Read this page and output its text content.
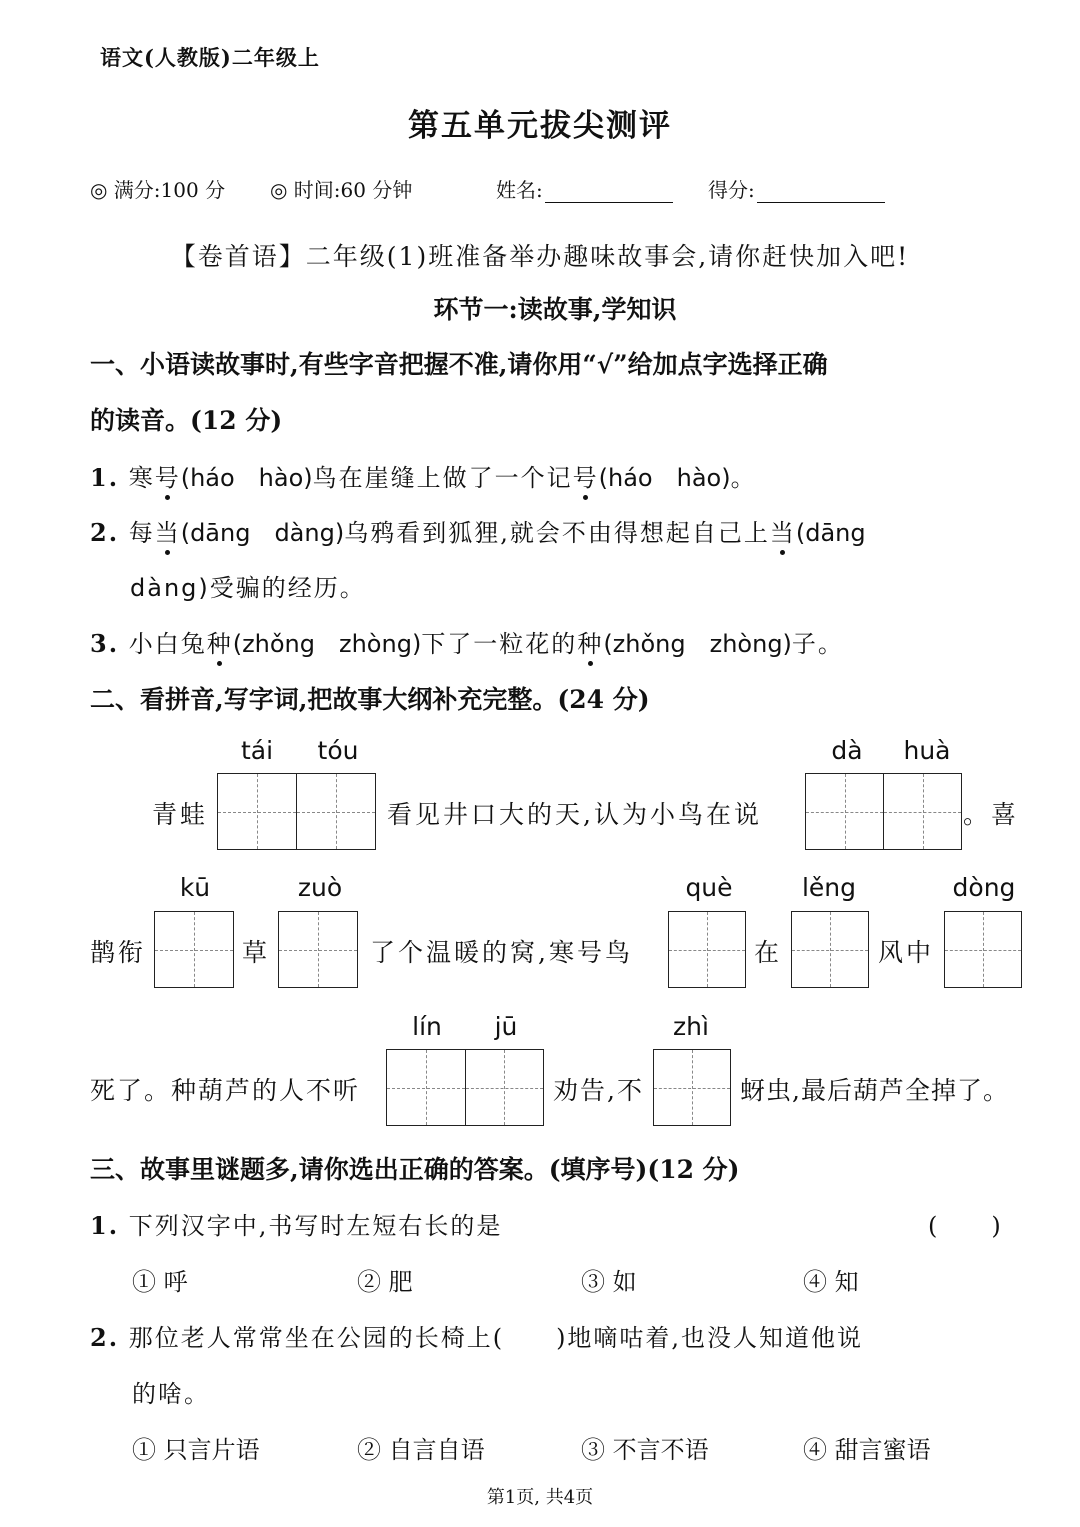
语文(人教版)二年级上
第五单元拔尖测评
◎ 满分:100 分 ◎ 时间:60 分钟	姓名:	得分:
【卷首语】二年级(1)班准备举办趣味故事会,请你赶快加入吧!
环节一:读故事,学知识
一、小语读故事时,有些字音把握不准,请你用“√”给加点字选择正确
的读音。(12 分)
1. 寒号(háo　hào)鸟在崖缝上做了一个记号(háo　hào)。
2. 每当(dāng　dàng)乌鸦看到狐狸,就会不由得想起自己上当(dāng
dàng)受骗的经历。
3. 小白兔种(zhǒng　zhòng)下了一粒花的种(zhǒng　zhòng)子。
二、看拼音,写字词,把故事大纲补充完整。(24 分)
tái	tóu	dà	huà
青蛙	看见井口大的天,认为小鸟在说	。喜
kū	zuò	què	lěng	dòng
鹊衔	草	了个温暖的窝,寒号鸟	在	风中
lín	jū	zhì
死了。种葫芦的人不听	劝告,不	蚜虫,最后葫芦全掉了。
三、故事里谜题多,请你选出正确的答案。(填序号)(12 分)
1. 下列汉字中,书写时左短右长的是	(　　)
① 呼	② 肥	③ 如	④ 知
2. 那位老人常常坐在公园的长椅上(　　)地嘀咕着,也没人知道他说
的啥。
① 只言片语	② 自言自语	③ 不言不语	④ 甜言蜜语
第1页, 共4页
